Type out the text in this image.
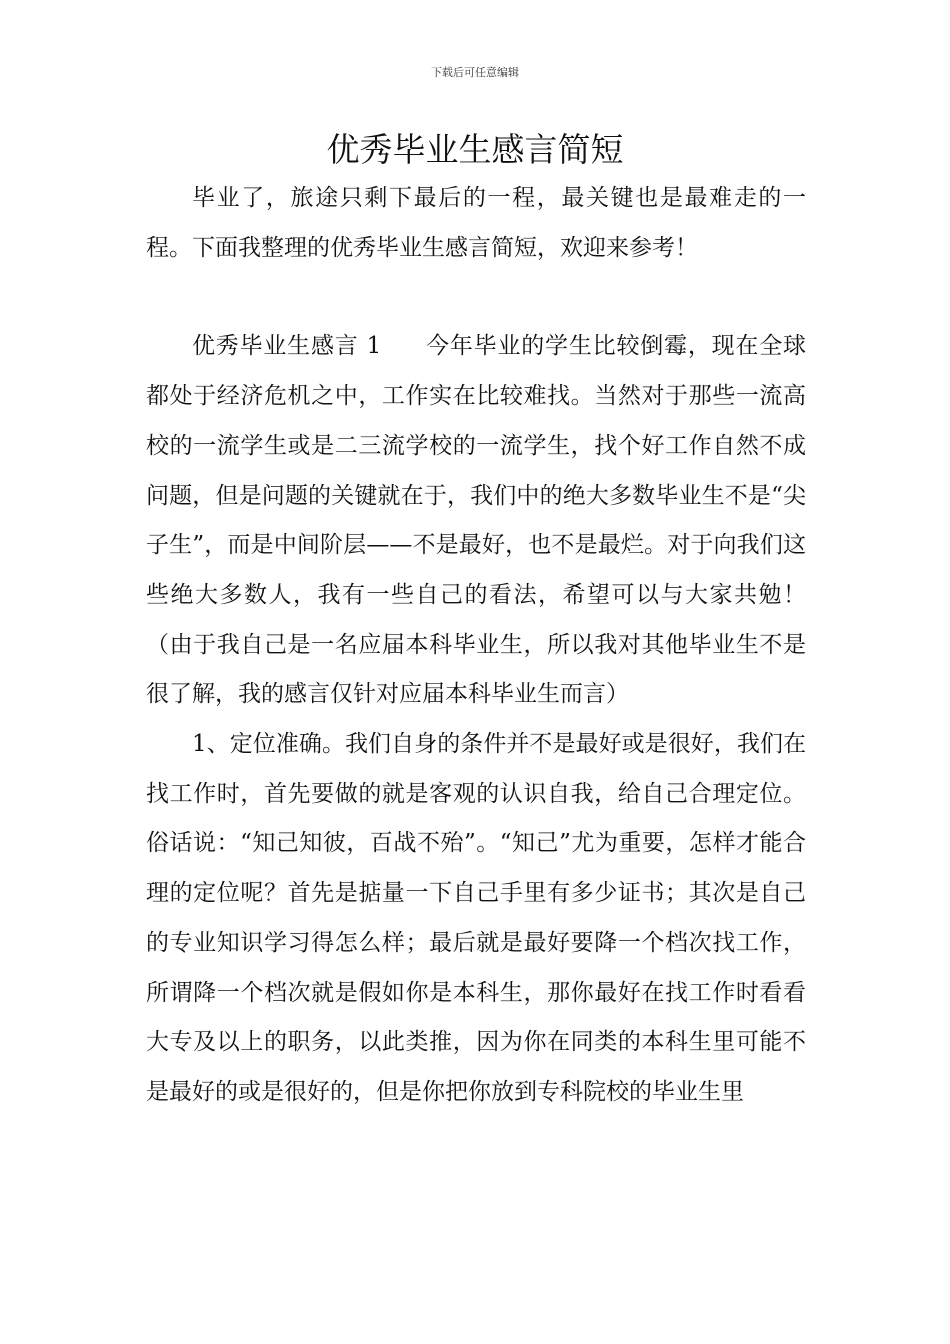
下载后可任意编辑
优秀毕业生感言简短

毕业了，旅途只剩下最后的一程，最关键也是最难走的一程。下面我整理的优秀毕业生感言简短，欢迎来参考！

优秀毕业生感言 1 今年毕业的学生比较倒霉，现在全球都处于经济危机之中，工作实在比较难找。当然对于那些一流高校的一流学生或是二三流学校的一流学生，找个好工作自然不成问题，但是问题的关键就在于，我们中的绝大多数毕业生不是“尖子生”，而是中间阶层——不是最好，也不是最烂。对于向我们这些绝大多数人，我有一些自己的看法，希望可以与大家共勉！（由于我自己是一名应届本科毕业生，所以我对其他毕业生不是很了解，我的感言仅针对应届本科毕业生而言）

1、定位准确。我们自身的条件并不是最好或是很好，我们在找工作时，首先要做的就是客观的认识自我，给自己合理定位。俗话说：“知己知彼，百战不殆”。“知己”尤为重要，怎样才能合理的定位呢？首先是掂量一下自己手里有多少证书；其次是自己的专业知识学习得怎么样；最后就是最好要降一个档次找工作，所谓降一个档次就是假如你是本科生，那你最好在找工作时看看大专及以上的职务，以此类推，因为你在同类的本科生里可能不是最好的或是很好的，但是你把你放到专科院校的毕业生里
